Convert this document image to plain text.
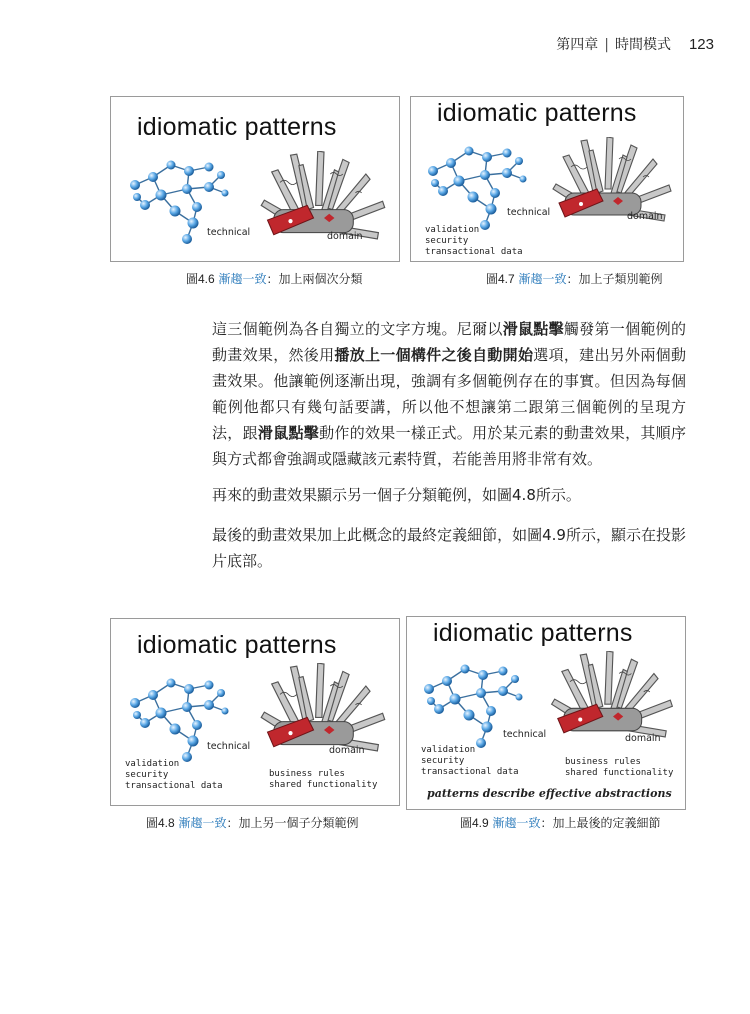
第四章 | 時間模式 123
idiomatic patterns
technical	domain
圖4.6 漸趨一致：加上兩個次分類
idiomatic patterns
technical	domain
validation
security
transactional data
圖4.7 漸趨一致：加上子類別範例

這三個範例為各自獨立的文字方塊。尼爾以滑鼠點擊觸發第一個範例的動畫效果，然後用播放上一個構件之後自動開始選項，建出另外兩個動畫效果。他讓範例逐漸出現，強調有多個範例存在的事實。但因為每個範例他都只有幾句話要講，所以他不想讓第二跟第三個範例的呈現方法，跟滑鼠點擊動作的效果一樣正式。用於某元素的動畫效果，其順序與方式都會強調或隱藏該元素特質，若能善用將非常有效。

再來的動畫效果顯示另一個子分類範例，如圖4.8所示。

最後的動畫效果加上此概念的最終定義細節，如圖4.9所示，顯示在投影片底部。

idiomatic patterns
technical	domain
validation
security
transactional data
business rules
shared functionality
圖4.8 漸趨一致：加上另一個子分類範例
idiomatic patterns
technical	domain
validation
security
transactional data
business rules
shared functionality
patterns describe effective abstractions
圖4.9 漸趨一致：加上最後的定義細節
